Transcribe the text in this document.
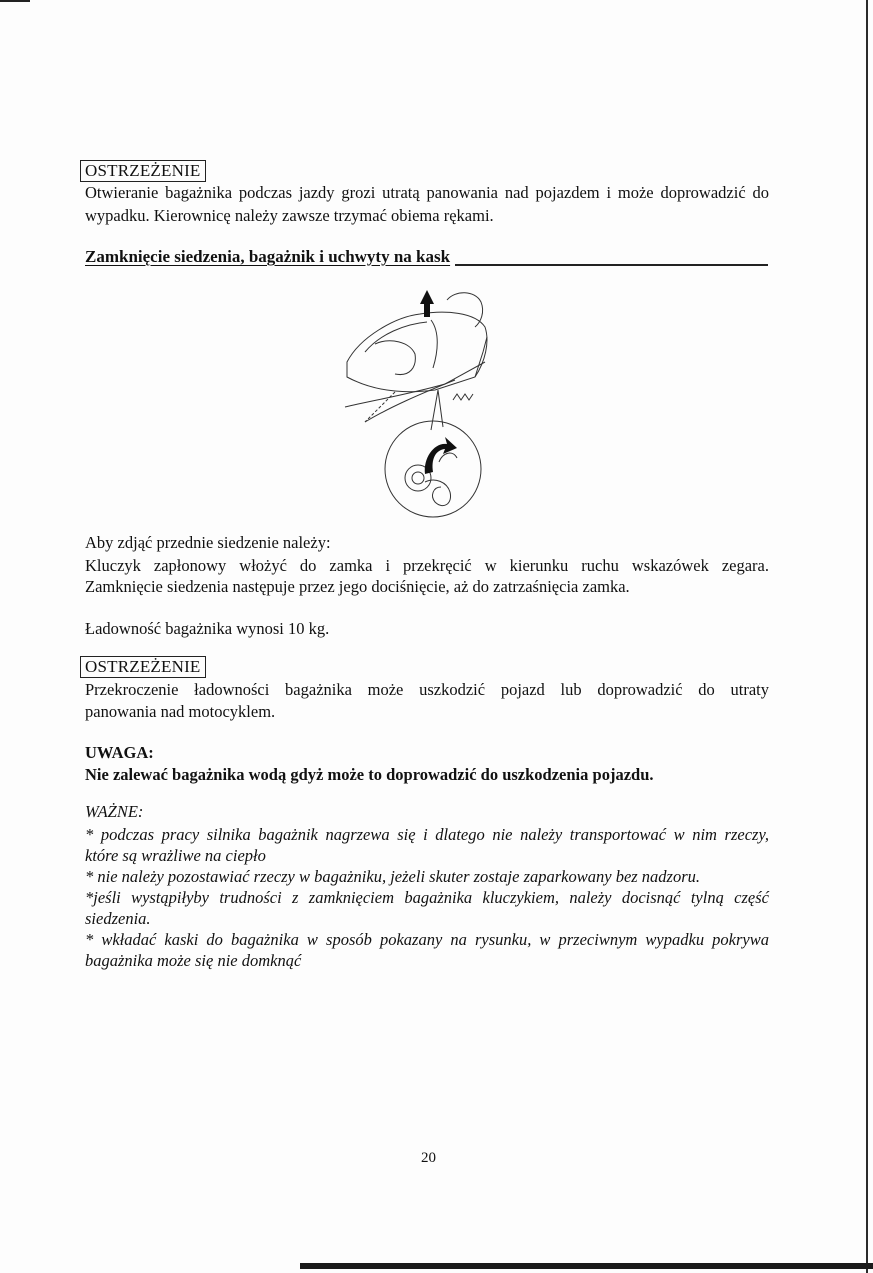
OSTRZEŻENIE
Otwieranie bagażnika podczas jazdy grozi utratą panowania nad pojazdem i może doprowadzić do
wypadku. Kierownicę należy zawsze trzymać obiema rękami.
Zamknięcie siedzenia, bagażnik i uchwyty na kask
Aby zdjąć przednie siedzenie należy:
Kluczyk zapłonowy włożyć do zamka i przekręcić w kierunku ruchu wskazówek zegara.
Zamknięcie siedzenia następuje przez jego dociśnięcie, aż do zatrzaśnięcia zamka.
Ładowność bagażnika wynosi 10 kg.
OSTRZEŻENIE
Przekroczenie ładowności bagażnika może uszkodzić pojazd lub doprowadzić do utraty
panowania nad motocyklem.
UWAGA:
Nie zalewać bagażnika wodą gdyż może to doprowadzić do uszkodzenia pojazdu.
WAŻNE:
* podczas pracy silnika bagażnik nagrzewa się i dlatego nie należy transportować w nim rzeczy,
które są wrażliwe na ciepło
* nie należy pozostawiać rzeczy w bagażniku, jeżeli skuter zostaje zaparkowany bez nadzoru.
*jeśli wystąpiłyby trudności z zamknięciem bagażnika kluczykiem, należy docisnąć tylną część
siedzenia.
* wkładać kaski do bagażnika w sposób pokazany na rysunku, w przeciwnym wypadku pokrywa
bagażnika może się nie domknąć
20
